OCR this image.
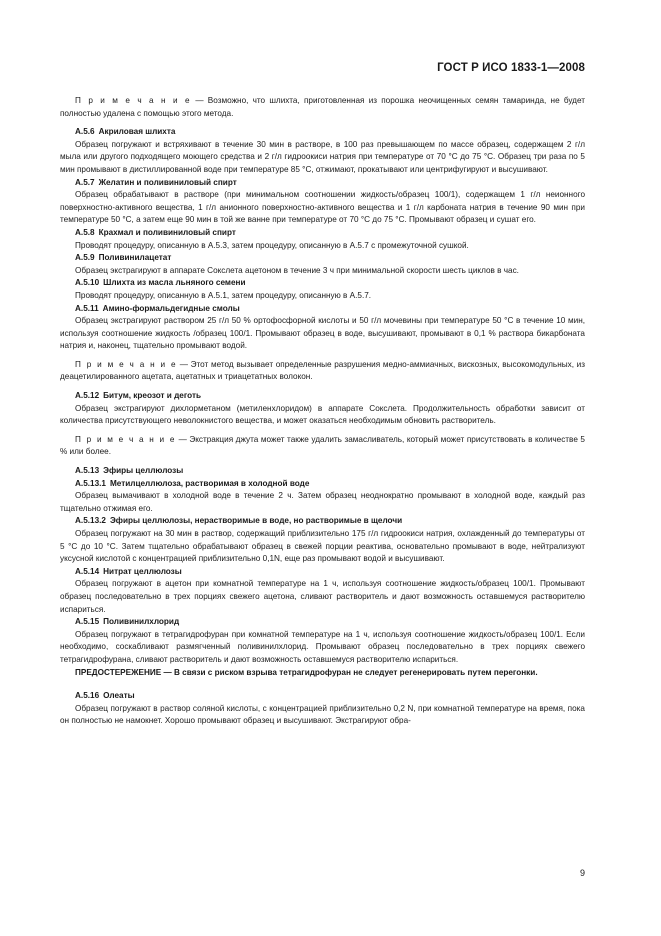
ГОСТ Р ИСО 1833-1—2008

П р и м е ч а н и е — Возможно, что шлихта, приготовленная из порошка неочищенных семян тамаринда, не будет полностью удалена с помощью этого метода.

А.5.6 Акриловая шлихта

Образец погружают и встряхивают в течение 30 мин в растворе, в 100 раз превышающем по массе образец, содержащем 2 г/л мыла или другого подходящего моющего средства и 2 г/л гидроокиси натрия при температуре от 70 °С до 75 °С. Образец три раза по 5 мин промывают в дистиллированной воде при температуре 85 °С, отжимают, прокатывают или центрифугируют и высушивают.

А.5.7 Желатин и поливиниловый спирт

Образец обрабатывают в растворе (при минимальном соотношении жидкость/образец 100/1), содержащем 1 г/л неионного поверхностно-активного вещества, 1 г/л анионного поверхностно-активного вещества и 1 г/л карбоната натрия в течение 90 мин при температуре 50 °С, а затем еще 90 мин в той же ванне при температуре от 70 °С до 75 °С. Промывают образец и сушат его.

А.5.8 Крахмал и поливиниловый спирт

Проводят процедуру, описанную в А.5.3, затем процедуру, описанную в А.5.7 с промежуточной сушкой.

А.5.9 Поливинилацетат

Образец экстрагируют в аппарате Сокслета ацетоном в течение 3 ч при минимальной скорости шесть циклов в час.

А.5.10 Шлихта из масла льняного семени

Проводят процедуру, описанную в А.5.1, затем процедуру, описанную в А.5.7.

А.5.11 Амино-формальдегидные смолы

Образец экстрагируют раствором 25 г/л 50 % ортофосфорной кислоты и 50 г/л мочевины при температуре 50 °С в течение 10 мин, используя соотношение жидкость /образец 100/1. Промывают образец в воде, высушивают, промывают в 0,1 % раствора бикарбоната натрия и, наконец, тщательно промывают водой.

П р и м е ч а н и е — Этот метод вызывает определенные разрушения медно-аммиачных, вискозных, высокомодульных, из деацетилированного ацетата, ацетатных и триацетатных волокон.

А.5.12 Битум, креозот и деготь

Образец экстрагируют дихлорметаном (метиленхлоридом) в аппарате Сокслета. Продолжительность обработки зависит от количества присутствующего неволокнистого вещества, и может оказаться необходимым обновить растворитель.

П р и м е ч а н и е — Экстракция джута может также удалить замасливатель, который может присутствовать в количестве 5 % или более.

А.5.13 Эфиры целлюлозы
А.5.13.1 Метилцеллюлоза, растворимая в холодной воде

Образец вымачивают в холодной воде в течение 2 ч. Затем образец неоднократно промывают в холодной воде, каждый раз тщательно отжимая его.

А.5.13.2 Эфиры целлюлозы, нерастворимые в воде, но растворимые в щелочи

Образец погружают на 30 мин в раствор, содержащий приблизительно 175 г/л гидроокиси натрия, охлажденный до температуры от 5 °С до 10 °С. Затем тщательно обрабатывают образец в свежей порции реактива, основательно промывают в воде, нейтрализуют уксусной кислотой с концентрацией приблизительно 0,1N, еще раз промывают водой и высушивают.

А.5.14 Нитрат целлюлозы

Образец погружают в ацетон при комнатной температуре на 1 ч, используя соотношение жидкость/образец 100/1. Промывают образец последовательно в трех порциях свежего ацетона, сливают растворитель и дают возможность оставшемуся растворителю испариться.

А.5.15 Поливинилхлорид

Образец погружают в тетрагидрофуран при комнатной температуре на 1 ч, используя соотношение жидкость/образец 100/1. Если необходимо, соскабливают размягченный поливинилхлорид. Промывают образец последовательно в трех порциях свежего тетрагидрофурана, сливают растворитель и дают возможность оставшемуся растворителю испариться.

ПРЕДОСТЕРЕЖЕНИЕ — В связи с риском взрыва тетрагидрофуран не следует регенерировать путем перегонки.

А.5.16 Олеаты

Образец погружают в раствор соляной кислоты, с концентрацией приблизительно 0,2 N, при комнатной температуре на время, пока он полностью не намокнет. Хорошо промывают образец и высушивают. Экстрагируют обра-

9
